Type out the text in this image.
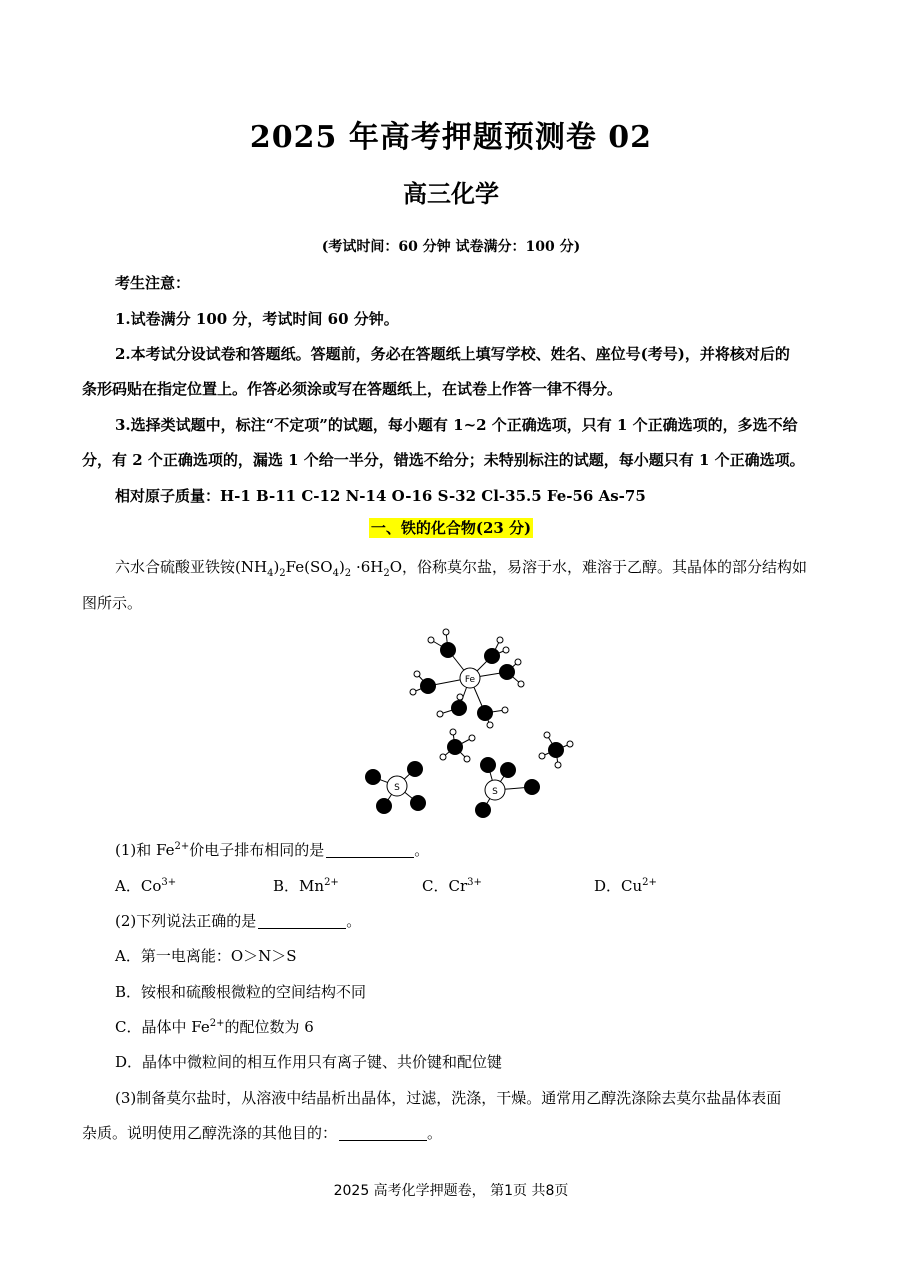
2025 年高考押题预测卷 02
高三化学
(考试时间：60 分钟 试卷满分：100 分)
考生注意：
1.试卷满分 100 分，考试时间 60 分钟。
2.本考试分设试卷和答题纸。答题前，务必在答题纸上填写学校、姓名、座位号(考号)，并将核对后的
条形码贴在指定位置上。作答必须涂或写在答题纸上，在试卷上作答一律不得分。
3.选择类试题中，标注“不定项”的试题，每小题有 1~2 个正确选项，只有 1 个正确选项的，多选不给
分，有 2 个正确选项的，漏选 1 个给一半分，错选不给分；未特别标注的试题，每小题只有 1 个正确选项。
相对原子质量：H-1 B-11 C-12 N-14 O-16 S-32 Cl-35.5 Fe-56 As-75
一、铁的化合物(23 分)
六水合硫酸亚铁铵$(NH_4)_2Fe(SO_4)_2 \cdot 6H_2O$，俗称莫尔盐，易溶于水，难溶于乙醇。其晶体的部分结构如
图所示。
Fe
S	S
(1)和 $Fe^{2+}$价电子排布相同的是	。
A．$Co^{3+}$	B．$Mn^{2+}$	C．$Cr^{3+}$	D．$Cu^{2+}$
(2)下列说法正确的是	。
A．第一电离能：O＞N＞S
B．铵根和硫酸根微粒的空间结构不同
C．晶体中 $Fe^{2+}$的配位数为 6
D．晶体中微粒间的相互作用只有离子键、共价键和配位键
(3)制备莫尔盐时，从溶液中结晶析出晶体，过滤，洗涤，干燥。通常用乙醇洗涤除去莫尔盐晶体表面
杂质。说明使用乙醇洗涤的其他目的：	。
2025 高考化学押题卷， 第1页 共8页
